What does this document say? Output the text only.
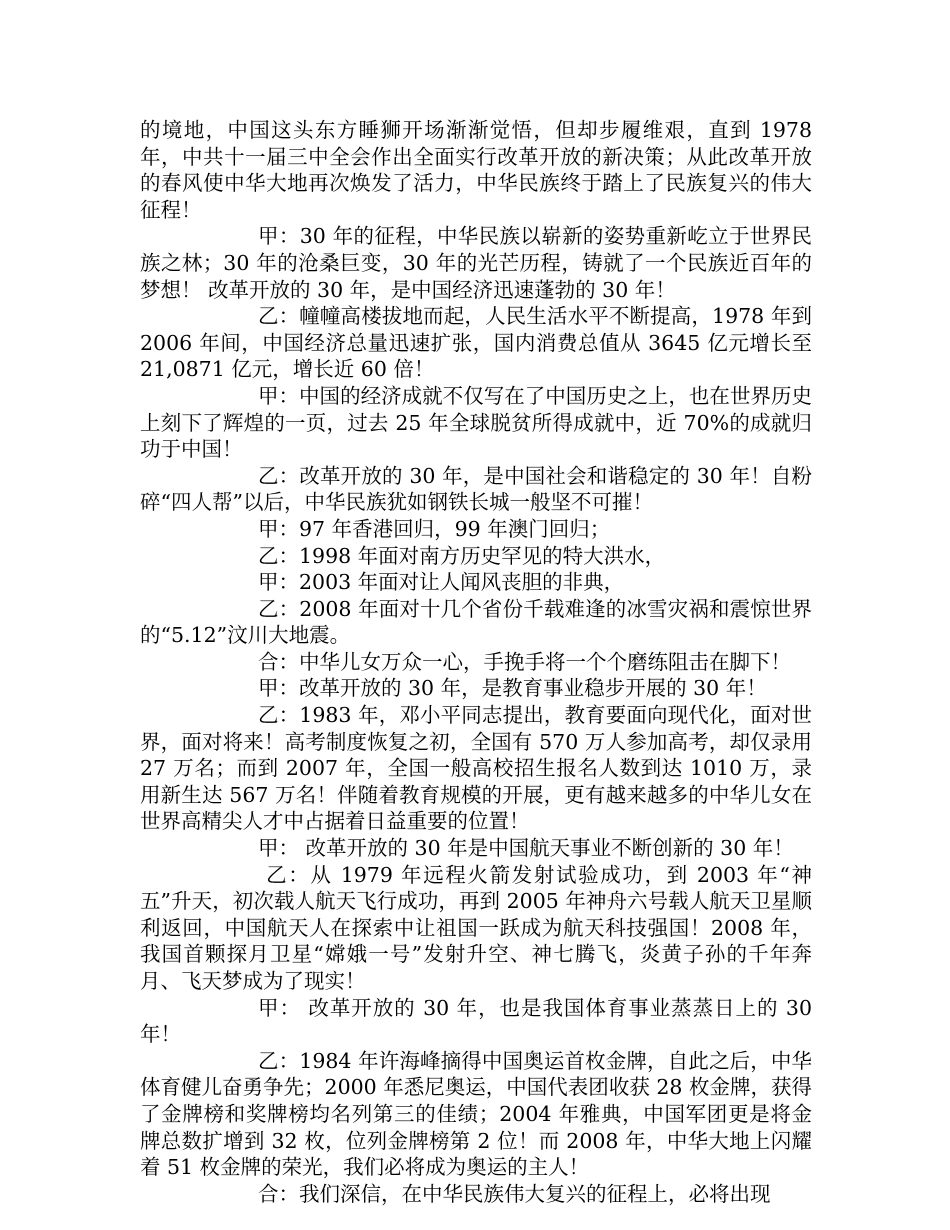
的境地，中国这头东方睡狮开场渐渐觉悟，但却步履维艰，直到 1978 年，中共十一届三中全会作出全面实行改革开放的新决策；从此改革开放的春风使中华大地再次焕发了活力，中华民族终于踏上了民族复兴的伟大征程！

甲：30 年的征程，中华民族以崭新的姿势重新屹立于世界民族之林；30 年的沧桑巨变，30 年的光芒历程，铸就了一个民族近百年的梦想！ 改革开放的 30 年，是中国经济迅速蓬勃的 30 年！

乙：幢幢高楼拔地而起，人民生活水平不断提高，1978 年到 2006 年间，中国经济总量迅速扩张，国内消费总值从 3645 亿元增长至 21,0871 亿元，增长近 60 倍！

甲：中国的经济成就不仅写在了中国历史之上，也在世界历史上刻下了辉煌的一页，过去 25 年全球脱贫所得成就中，近 70%的成就归功于中国！

乙：改革开放的 30 年，是中国社会和谐稳定的 30 年！自粉碎“四人帮”以后，中华民族犹如钢铁长城一般坚不可摧！

甲：97 年香港回归，99 年澳门回归；

乙：1998 年面对南方历史罕见的特大洪水，

甲：2003 年面对让人闻风丧胆的非典，

乙：2008 年面对十几个省份千载难逢的冰雪灾祸和震惊世界的“5.12”汶川大地震。

合：中华儿女万众一心，手挽手将一个个磨练阻击在脚下！

甲：改革开放的 30 年，是教育事业稳步开展的 30 年！

乙：1983 年，邓小平同志提出，教育要面向现代化，面对世界，面对将来！高考制度恢复之初，全国有 570 万人参加高考，却仅录用 27 万名；而到 2007 年，全国一般高校招生报名人数到达 1010 万，录用新生达 567 万名！伴随着教育规模的开展，更有越来越多的中华儿女在世界高精尖人才中占据着日益重要的位置！

甲： 改革开放的 30 年是中国航天事业不断创新的 30 年！

乙：从 1979 年远程火箭发射试验成功，到 2003 年“神五”升天，初次载人航天飞行成功，再到 2005 年神舟六号载人航天卫星顺利返回，中国航天人在探索中让祖国一跃成为航天科技强国！2008 年，我国首颗探月卫星“嫦娥一号”发射升空、神七腾飞，炎黄子孙的千年奔月、飞天梦成为了现实！

甲： 改革开放的 30 年，也是我国体育事业蒸蒸日上的 30 年！

乙：1984 年许海峰摘得中国奥运首枚金牌，自此之后，中华体育健儿奋勇争先；2000 年悉尼奥运，中国代表团收获 28 枚金牌，获得了金牌榜和奖牌榜均名列第三的佳绩；2004 年雅典，中国军团更是将金牌总数扩增到 32 枚，位列金牌榜第 2 位！而 2008 年，中华大地上闪耀着 51 枚金牌的荣光，我们必将成为奥运的主人！

合：我们深信，在中华民族伟大复兴的征程上，必将出现
